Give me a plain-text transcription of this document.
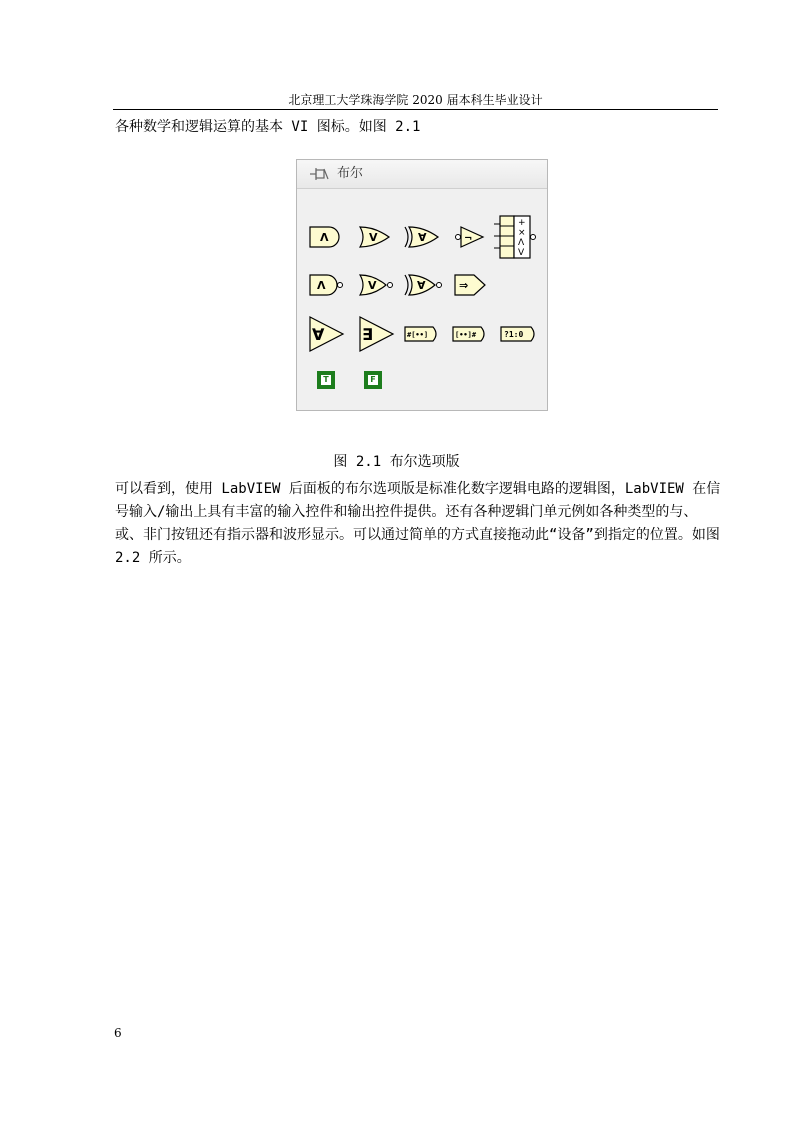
北京理工大学珠海学院 2020 届本科生毕业设计
各种数学和逻辑运算的基本 VI 图标。如图 2.1
布尔
Λ	V	∀	¬
+
×
Λ
V
Λ	V	∀	⇒
∀ ∃	#[••]	[••]#	?1:0
T	F
图 2.1 布尔选项版
可以看到，使用 LabVIEW 后面板的布尔选项版是标准化数字逻辑电路的逻辑图，LabVIEW 在信号输入/输出上具有丰富的输入控件和输出控件提供。还有各种逻辑门单元例如各种类型的与、或、非门按钮还有指示器和波形显示。可以通过简单的方式直接拖动此“设备”到指定的位置。如图 2.2 所示。
6
